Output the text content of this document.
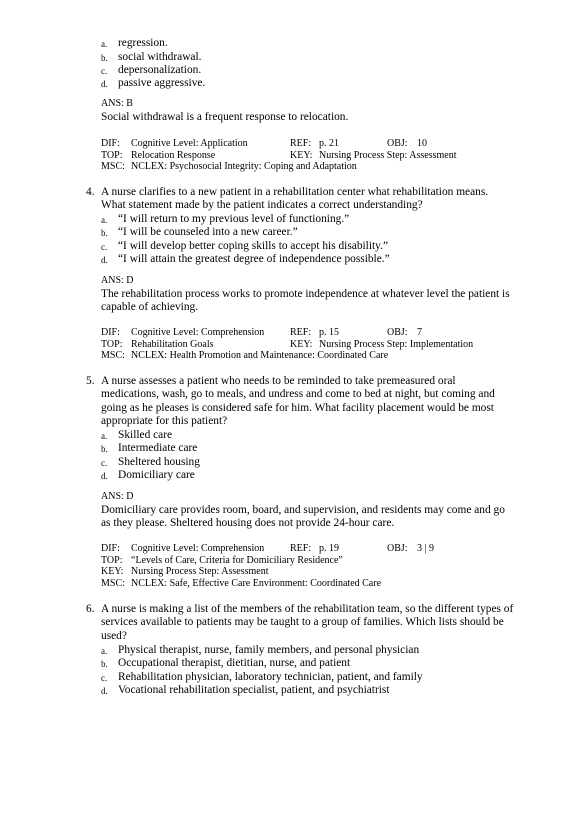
a. regression.
b. social withdrawal.
c. depersonalization.
d. passive aggressive.
ANS: B
Social withdrawal is a frequent response to relocation.
DIF: Cognitive Level: Application	REF: p. 21	OBJ: 10
TOP: Relocation Response	KEY: Nursing Process Step: Assessment
MSC: NCLEX: Psychosocial Integrity: Coping and Adaptation
4. A nurse clarifies to a new patient in a rehabilitation center what rehabilitation means.
What statement made by the patient indicates a correct understanding?
a. “I will return to my previous level of functioning.”
b. “I will be counseled into a new career.”
c. “I will develop better coping skills to accept his disability.”
d. “I will attain the greatest degree of independence possible.”
ANS: D
The rehabilitation process works to promote independence at whatever level the patient is
capable of achieving.
DIF: Cognitive Level: Comprehension	REF: p. 15	OBJ: 7
TOP: Rehabilitation Goals	KEY: Nursing Process Step: Implementation
MSC: NCLEX: Health Promotion and Maintenance: Coordinated Care
5. A nurse assesses a patient who needs to be reminded to take premeasured oral
medications, wash, go to meals, and undress and come to bed at night, but coming and
going as he pleases is considered safe for him. What facility placement would be most
appropriate for this patient?
a. Skilled care
b. Intermediate care
c. Sheltered housing
d. Domiciliary care
ANS: D
Domiciliary care provides room, board, and supervision, and residents may come and go
as they please. Sheltered housing does not provide 24-hour care.
DIF: Cognitive Level: Comprehension	REF: p. 19	OBJ: 3 | 9
TOP: “Levels of Care, Criteria for Domiciliary Residence”
KEY: Nursing Process Step: Assessment
MSC: NCLEX: Safe, Effective Care Environment: Coordinated Care
6. A nurse is making a list of the members of the rehabilitation team, so the different types of
services available to patients may be taught to a group of families. Which lists should be
used?
a. Physical therapist, nurse, family members, and personal physician
b. Occupational therapist, dietitian, nurse, and patient
c. Rehabilitation physician, laboratory technician, patient, and family
d. Vocational rehabilitation specialist, patient, and psychiatrist
